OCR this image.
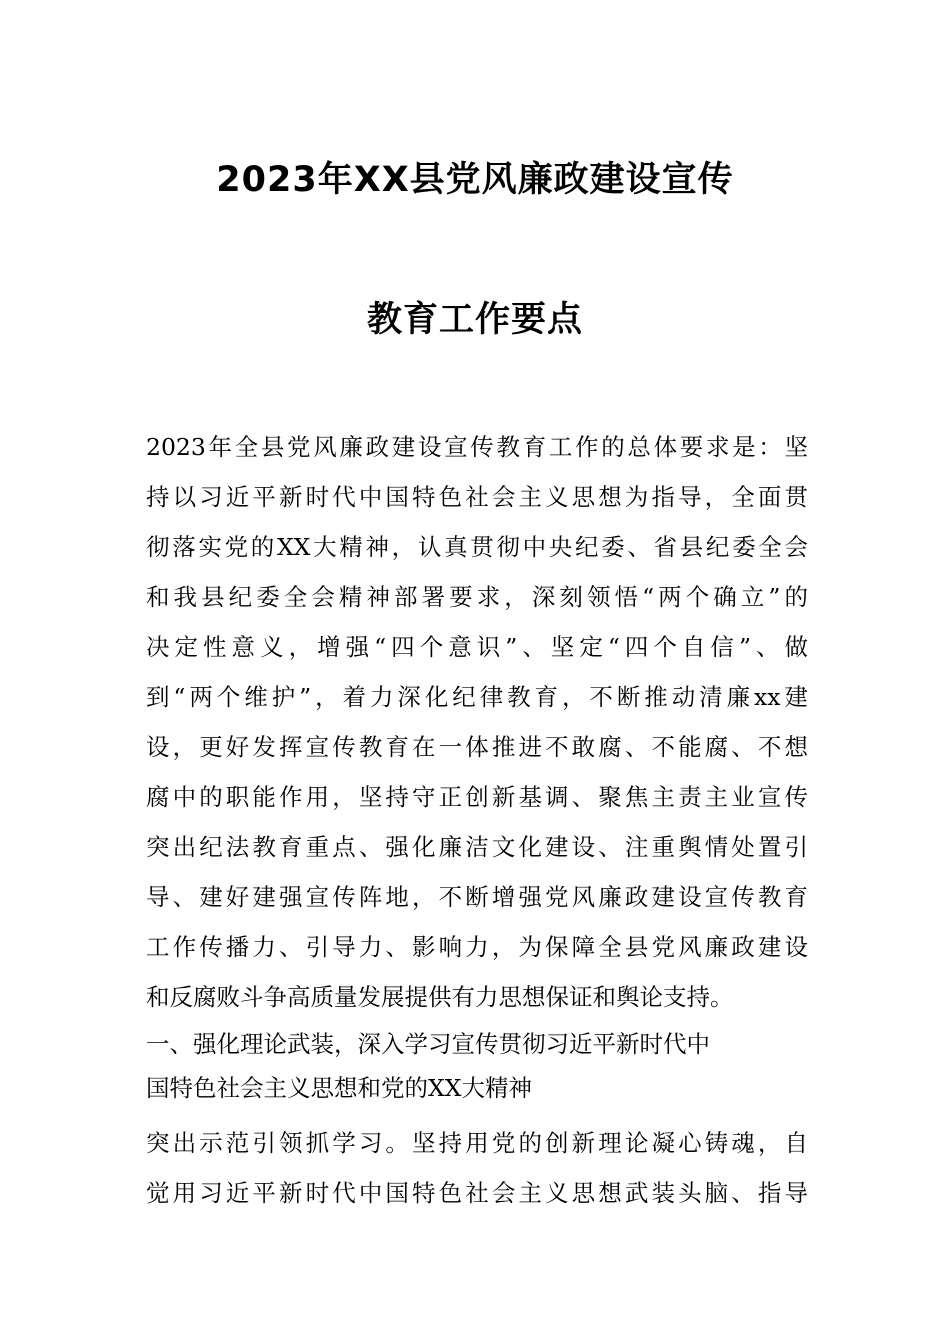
2023年XX县党风廉政建设宣传
教育工作要点
2023年全县党风廉政建设宣传教育工作的总体要求是：坚
持以习近平新时代中国特色社会主义思想为指导，全面贯
彻落实党的XX大精神，认真贯彻中央纪委、省县纪委全会
和我县纪委全会精神部署要求，深刻领悟“两个确立”的
决定性意义，增强“四个意识”、坚定“四个自信”、做
到“两个维护”，着力深化纪律教育，不断推动清廉xx建
设，更好发挥宣传教育在一体推进不敢腐、不能腐、不想
腐中的职能作用，坚持守正创新基调、聚焦主责主业宣传
突出纪法教育重点、强化廉洁文化建设、注重舆情处置引
导、建好建强宣传阵地，不断增强党风廉政建设宣传教育
工作传播力、引导力、影响力，为保障全县党风廉政建设
和反腐败斗争高质量发展提供有力思想保证和舆论支持。
一、强化理论武装，深入学习宣传贯彻习近平新时代中
国特色社会主义思想和党的XX大精神
突出示范引领抓学习。坚持用党的创新理论凝心铸魂，自
觉用习近平新时代中国特色社会主义思想武装头脑、指导
